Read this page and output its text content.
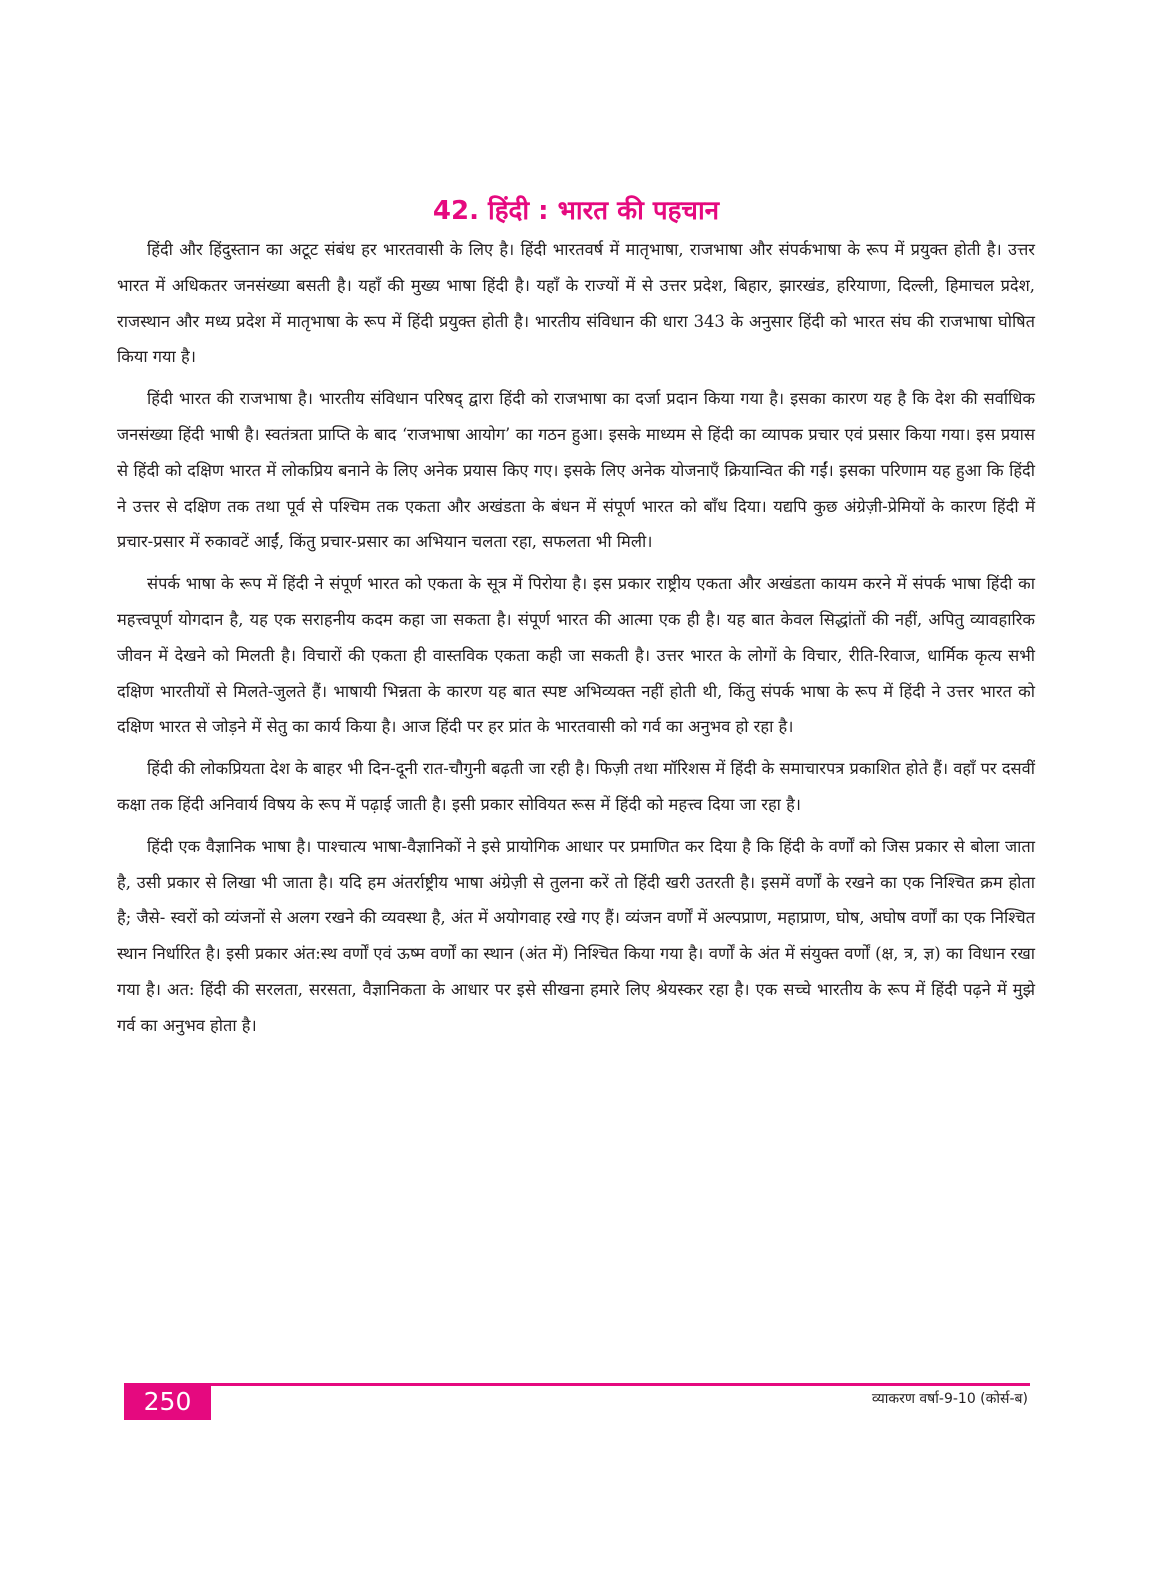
42. हिंदी : भारत की पहचान

हिंदी और हिंदुस्तान का अटूट संबंध हर भारतवासी के लिए है। हिंदी भारतवर्ष में मातृभाषा, राजभाषा और संपर्कभाषा के रूप में प्रयुक्त होती है। उत्तर भारत में अधिकतर जनसंख्या बसती है। यहाँ की मुख्य भाषा हिंदी है। यहाँ के राज्यों में से उत्तर प्रदेश, बिहार, झारखंड, हरियाणा, दिल्ली, हिमाचल प्रदेश, राजस्थान और मध्य प्रदेश में मातृभाषा के रूप में हिंदी प्रयुक्त होती है। भारतीय संविधान की धारा 343 के अनुसार हिंदी को भारत संघ की राजभाषा घोषित किया गया है।

हिंदी भारत की राजभाषा है। भारतीय संविधान परिषद् द्वारा हिंदी को राजभाषा का दर्जा प्रदान किया गया है। इसका कारण यह है कि देश की सर्वाधिक जनसंख्या हिंदी भाषी है। स्वतंत्रता प्राप्ति के बाद ‘राजभाषा आयोग’ का गठन हुआ। इसके माध्यम से हिंदी का व्यापक प्रचार एवं प्रसार किया गया। इस प्रयास से हिंदी को दक्षिण भारत में लोकप्रिय बनाने के लिए अनेक प्रयास किए गए। इसके लिए अनेक योजनाएँ क्रियान्वित की गईं। इसका परिणाम यह हुआ कि हिंदी ने उत्तर से दक्षिण तक तथा पूर्व से पश्चिम तक एकता और अखंडता के बंधन में संपूर्ण भारत को बाँध दिया। यद्यपि कुछ अंग्रेज़ी-प्रेमियों के कारण हिंदी में प्रचार-प्रसार में रुकावटें आईं, किंतु प्रचार-प्रसार का अभियान चलता रहा, सफलता भी मिली।

संपर्क भाषा के रूप में हिंदी ने संपूर्ण भारत को एकता के सूत्र में पिरोया है। इस प्रकार राष्ट्रीय एकता और अखंडता कायम करने में संपर्क भाषा हिंदी का महत्त्वपूर्ण योगदान है, यह एक सराहनीय कदम कहा जा सकता है। संपूर्ण भारत की आत्मा एक ही है। यह बात केवल सिद्धांतों की नहीं, अपितु व्यावहारिक जीवन में देखने को मिलती है। विचारों की एकता ही वास्तविक एकता कही जा सकती है। उत्तर भारत के लोगों के विचार, रीति-रिवाज, धार्मिक कृत्य सभी दक्षिण भारतीयों से मिलते-जुलते हैं। भाषायी भिन्नता के कारण यह बात स्पष्ट अभिव्यक्त नहीं होती थी, किंतु संपर्क भाषा के रूप में हिंदी ने उत्तर भारत को दक्षिण भारत से जोड़ने में सेतु का कार्य किया है। आज हिंदी पर हर प्रांत के भारतवासी को गर्व का अनुभव हो रहा है।

हिंदी की लोकप्रियता देश के बाहर भी दिन-दूनी रात-चौगुनी बढ़ती जा रही है। फिज़ी तथा मॉरिशस में हिंदी के समाचारपत्र प्रकाशित होते हैं। वहाँ पर दसवीं कक्षा तक हिंदी अनिवार्य विषय के रूप में पढ़ाई जाती है। इसी प्रकार सोवियत रूस में हिंदी को महत्त्व दिया जा रहा है।

हिंदी एक वैज्ञानिक भाषा है। पाश्चात्य भाषा-वैज्ञानिकों ने इसे प्रायोगिक आधार पर प्रमाणित कर दिया है कि हिंदी के वर्णों को जिस प्रकार से बोला जाता है, उसी प्रकार से लिखा भी जाता है। यदि हम अंतर्राष्ट्रीय भाषा अंग्रेज़ी से तुलना करें तो हिंदी खरी उतरती है। इसमें वर्णों के रखने का एक निश्चित क्रम होता है; जैसे- स्वरों को व्यंजनों से अलग रखने की व्यवस्था है, अंत में अयोगवाह रखे गए हैं। व्यंजन वर्णों में अल्पप्राण, महाप्राण, घोष, अघोष वर्णों का एक निश्चित स्थान निर्धारित है। इसी प्रकार अंत:स्थ वर्णों एवं ऊष्म वर्णों का स्थान (अंत में) निश्चित किया गया है। वर्णों के अंत में संयुक्त वर्णों (क्ष, त्र, ज्ञ) का विधान रखा गया है। अत: हिंदी की सरलता, सरसता, वैज्ञानिकता के आधार पर इसे सीखना हमारे लिए श्रेयस्कर रहा है। एक सच्चे भारतीय के रूप में हिंदी पढ़ने में मुझे गर्व का अनुभव होता है।

250	व्याकरण वर्षा-9-10 (कोर्स-ब)
